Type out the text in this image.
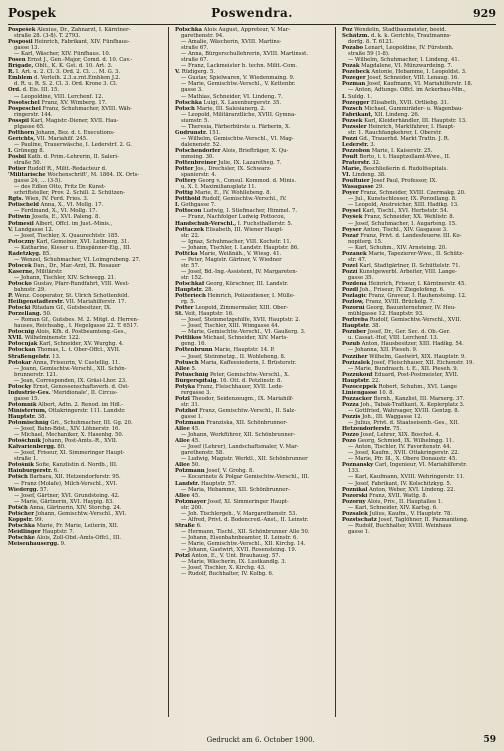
Pospek	Poswendra.	929
Pospešek Alexius, Dr., Zahnarzt, I. Kärntner-
straße 28. (3-8). T. 2793.
Posposil Heinrich, Fabrikant, XIV. Fünfhaus-
gasse 13.
— Karl, Wäscher, XIV. Fünfhaus. 10.
Posen Ernst J., Gen.-Major, Comd. d. 10. Cav.-
Brigade, Oblt., K. K. Gst. d. 10. Art. 3.
R. I. Art. u. 2. Cl. 3. Ord. 2. Cl. ... M. G. 3.
Emblem d. Verleih. 2.3.u.rnt.Emblem J.2.
d. R. u. R. S. 2. Cl. 3. Ord. Krone 3. Cl.
Ord. d. Eis. III. 15.
— Leopoldine, VIII. Lerchenf. 12.
Posotschel Franz, XV. Wimberg. 17.
Pospeschel Franz, Schuhmacher, XVIII. Wäh-
ringerstr. 144.
Posspil Karl, Magistr.-Diener, XVII. Hau-
ptgasse 65.
Potthorn Johann, Bez. d. t. Executions-
Gerichts, VII. Mariahilf. 245.
— Pauline, Trauerwäsche, I. Lederstrf. 2. G.
I. Grünegg 8.
Posbil Kath. d. Prim.-Lehrerin, II. Saleri-
straße 50.
Potier Rudolf R., Milit.-Redacteur d.
'Militärische Wochenschrift', M. 1864. IX. Orts-
gasse 24, ... (3-5).
— des Edlen Otto, Fritz Dr. Kunst-
schriftsteller, Prov. 2. Schill. 2. Schützen-
Rgts. Wien, IV. Ferd. Fries. 3.
Potischeld Anna, X., VI. Mollg. 17.
— Ferdinand, X., VI. Mollg. 17.
Potiwin Josefa, E., XVI. Paleng. 8.
Potmesil Albert, Offcl. im Just.-Minis.,
V. Landgasse 12.
— Josef, Tischler, X. Quaurechtstr. 185.
Potoczny Karl, Gemeiner, XVI. Leibnerg. 31.
— Katharine, Kieser u. Einspänner-Eig., III.
Radetzkyg. 85.
— Wenzel, Schuhmacher, VI. Loimgrubeng. 27.
Potocek Dan., Dr., Mar.-Arzt, IX. Rosauer
Kaserne, Militärstr.
— Johann, Tischler, XIV. Schwegg. 21.
Potocko Gustav, Pfarr-Rundfahrt, VIII. West-
bahnstr. 29.
P. Wenz. Cooperator, St. Ulrich Schottenfeld.
Heiligenstädterstr. VII. Mariahilferstr. 17.
Potocki Ritadam Gf., Gutsbesitzer, IX.
Porzellang. 50.
— Roman Gf., Gutsbes. M. 2. Mitgl. d. Herren-
hauses, Reichsabg., I. Hegelgasse 22. T. 6517.
Potocnig Alois, Kfh. d. Postbeamteng.-Ges.,
XVII. Wilhelminenstr. 122.
Potocnjak Karl, Schneider, XV. Wurghg. 4.
Potockan Thomas, L. t. Ober-Offcl., XVII.
Straßengelstr. 13.
Potokar Anna, Friseurin, V. Castellig. 11.
— Joann, Gemischtw.-Verschl., XII. Schön-
brunnerstr. 121.
— Jean, Corresponden, IX. Gräsi-Lhor. 23.
Potocky Ernst, Genossenschaftsverb. d. Ost-
Industrie-Ges. 'Meridionale', II. Circus-
gasse 15.
Potomník Albert, Adtn. 2. Renod. im Hdl.-
Ministerium, Ottakringerstr. 111. Landstr.
Hauptstr. 38.
Potomischnig Gri., Schuhmacher, III. Gg. 20.
— Josef, Bahn-Bdst., XIV. Löhnerstr. 16.
— Michael, Mechaniker, X. Hasenhg. 50.
Potošchnik Johann, Post-Amts.-R., XVII.
Kalvarienbergg. 80.
— Josef, Friseur, XI. Simmeringer Haupt-
straße 1.
Potošnik Sofie, Kanzlistin d. Nordb., III.
Hainburgerstr. 6.
Potšch Barbara, XII. Hetzendorferstr. 95.
— Franz (Molafe), Milch-Verschl., XVI.
Wiedergg. 57.
— Josef, Gärtner, XVI. Grundsteing. 42.
— Marie, Gärtnerin, XVI. Haypig. 83.
Potščh Anna, Gärtnerin, XIV. Storchg. 24.
Potšcher Johann, Gemischtw.-Verschl., XVI.
Koppstr. 99.
Potschka Marie, Fr. Marie, Leiterin, XII.
Meidlinger Hauptstr. 7.
Potschke Alois, Zoll-Obd.-Amts-Offcl., III.
Meisenhausergg. 9.
Potschka Alois August, Appreteur, V. Mar-
garethenstr. 94.
— Amalie, Wäscherin, XVIII. Martins-
straße 67.
— Anna, Bürgerschullehrerin, XVIII. Martinsst.
straße 67.
— Franz, Lackmeister b. techn. Milit.-Com.
V. Rüdigerg. 5.
— Gustav, Spielwaren, V. Wiedenmaing. 9.
— Marie, Gemischtw.-Verschl., V. Kettenbr.
gasse 3.
— Mathias, Schneider, VI. Lindeng. 7.
Potschka Luigi, X. Laxenburgerstr. 35.
Potsch Marie, III. Salesianerg. 2.
— Leopold, Militärarztliche, XVIII. Gymna-
siumstr. 5.
— Theresia, Färberbürste u. Färberin, X.
Gudrunstr. 151.
— Wilhelm, Gemischtw.-Verschl., VI. Mag-
dalenenstr. 52.
Potschendorfer Alois, Briefträger, X. Qu-
mmsing. 30.
Pottenbreiner Julie, IX. Lazaretheg. 7.
Potter Jos., Drechsler, IX. Schwarz-
spanierstr. 4.
Pottery Georg v., Consul. Kommod. d. Minis.
u. X. I. Maximiliansplatz 11.
Pottig Marie, E., IV. Wohllebeng. 8.
Potthöld Rudolf, Gemischtw.-Verschl., IV.
I. Gothgasse 7.
Pottocou Ludwig, I. Stiefmacher, Himmel. 7.
— Franz, Nachfolger Ludwig Pottocou,
Handschuh-Verschl., I. Fuchsthallerstr. 5.
Pottaczek Elisabeth, III. Wiener Haupt-
str. 22.
— Ignaz, Schuhmacher, VIII. Kochstr. 11.
— Johann, Tischler, I. Landstr. Hauptstr. 86.
Pottčka Marie, Weißnäh., V. Wiesg. 41.
— Peter, Magistr. Gärtner, V. Wiedner
str. 57.
— Josef, Bd.-Ing.-Assistent, IV. Margareten-
str. 152.
Potschkaf Georg, Kürschner, III. Landstr.
Hauptstr. 28.
Potteriech Heinrich, Polizeidiener, I. Mülle-
rg. 5.
Potter Leopold, Zimmermaler, XIII. Ober-
St. Veit, Hauptstr. 16.
— Josef, Steinmetzgehilfe, XVII. Hauptstr. 2.
— Josef, Tischler, XIII. Wimgasse 44.
— Marie, Gemischtw.-Verschl., VI. Gaußerg. 3.
Pottlikos Michael, Schneider, XIV. Marts-
geng. 16.
Pottenbrunn Marie, Hauptstr. 14. P.
— Josef, Steinmetzg., II. Wohlebeng. 8.
Potusch Maria, Kaffeesiederin, I. Brüsterstr.
Allee 5.
Potuschnig Peter, Gemischtw.-Verschl., X.
Bürgerspitalg. 16. Ott. d. Petzlinstr. 8.
Potyka Franz, Fleischhauer, XVII. Lede-
rergasse 3.
Potzl Theodor, Seidenzeugm., IX. Mariahilf-
str. 31.
Potzhof Franz, Gemischtw.-Verschl., II. Salz-
gasse 1.
Potzmann Franziska, XII. Schönbrunner-
Allee 45.
— Johann, Werkführer, XII. Schönbrunner-
Allee 45.
— Josef (Lehrer), Landschaftsmaler, V. Mar-
garethenstr. 58.
— Ludwig, Magistr. Werktl., XII. Schönbrunner
Allee 50.
Potzmann Josef, V. Grohg. 8.
— Kocarinete & Polgar Gemischtw.-Verschl., III.
Landstr. Hauptstr. 57.
— Maria, Hebamme, XII. Schönbrunner-
Allee 45.
Potzmayer Josef, XI. Simmeringer Haupt-
str. 200.
— Joh. Tischlergeh., V. Margarethenstr. 53.
— Alfred, Privt. d. Bodencred.-Anst., II. Leinstr.
Straße 6.
— Hermann, Tischl., XII. Schönbrunner Alle 50.
— Johann, Eisenbahnbeamter, II. Leinstr. 6.
— Marie, Gemischtw.-Verschl., XII. Kirchg. 14.
— Johann, Gastwirt, XVII. Rosensteing. 19.
Potzl Anton, E., V. Unt. Brauhausg. 57.
— Marie, Wäscherin, IX. Lustkandlg. 3.
— Josef, Tischler, X. Kirchg. 43.
— Rudolf, Buchhalter, IV. Kolbg. 6.
Poz Wendelin, Stadtbaumeister, beeid.
Schätzm. d. k. k. Gerichts, Trautmanns-
dorfg. 8. T. 6121.
Pozabo Lenart, Leopoldine, IV. Fürstenh.
straße 59 (1-8).
— Wilhelm, Schuhmacher, I. Lindeng. 41.
Pozak Magdalene, VI. Münzwardeing. 7.
Pozebeck Antonie, Hebamme, I. Leopoldst. 3.
Pozeger Josef, Schneider, VIII. Lenaug. 16.
Pozman Josef, Kaufmann, VI. Mariahilferstr. 18.
— Anton, Adtungs. Offcl. im Ackerbau-Min.,
I. Suldg. 1.
Pozegger Elisabeth, XVII. Ortliebg. 31.
Pozsch Michael, Gummiräder- u. Wagenbau-
Fabrikant, XII. Lindeng. 26.
Pozsek Karl, Kleiderhändler, III. Hauptstr. 13.
Pozssler Heinrich, Marktfahrer, I. Haupt-
str. 1. Rauchfangkehrer, I. Oberstr.
Pozzi Gd., Trauerhd. Markt Trattn. J. R.
Lederstr. 3.
Pozzobon Marie, I. Kaiserstr. 25.
Poult Berto, t. t. Hauptzollamt-Wwe., II.
Praterstr. 32.
Marie, Beschließerin d. Rudolfsspitals.
VI. Lindeng. 38.
Poultuier Josef Paul, Professor, IX.
Wasagasse 29.
Poyer Franz, Schneider, XVIII. Czermakg. 20.
— Jul., Kunstschlosser, IX. Porzellang. 8.
— Leopold, Anstreicher, XIII. Hadikg. 13.
Poysel Karl, Tischl., XVI. Herbststr. 54.
Poyšek Franz, Schneider, XX. Wehlistr. 8.
— Josef, Schuhmacher, I. Augarteng. 15.
Poyser Anton, Tischl., XIV. Gasgasse 3.
Pozař Franz, Privt. d. Landesfeuerw. III. Ko-
nopiterg. 15.
— Karl, Schuhm., XIV. Arnsteing. 20.
Pozanek Marie, Tapezierer-Wwe., II. Schütz-
str. 47.
Pozel Karl, Stadtgärtner, II. Schüttelstr. 71.
Pozzi Kunstgewerbl. Arbeiter, VIII. Lange-
gasse 35.
Pozdena Heinrich, Friseur, I. Kärntnerstr. 45.
Pozdl Joh., Friseur, IV. Ziegelofeng. 6.
Pozlagic Franz, Graveur, I. Rauhensteing. 12.
Pozlow, Franz, XVIII. Brückelg. 7.
Pozorni Georg, Bauunternehmer, IV. Heu-
mühlgasse 12. Hauptstr. 93.
Poztreba Rudolf, Gemischtw.-Verschl., XVII.
Hauptstr. 38.
Pozuber Josef, Dr., Ger. Sec. d. Ob.-Ger.
u. Cassat.-Hof, VIII. Lerchenf. 13.
Pozub Anton, Hausbesitzer, XIII. Hadikg. 54.
— Johanna, XII. Pieseh. 9.
Pozziher Wilhelm, Gastwirt, XIX. Hauptstr. 9.
Pozizalek Josef, Fleischhauer, XII. Eichenstr. 19.
— Marie, Bundrasch. t. E., XII. Pieseh. 9.
Pozzukonf Eduard, Post-Postmeister, XVII.
Hauptstr. 22.
Pozoceppek Robert, Schuhm., XVI. Lange
Liniengasse 10. 8.
Pozzacker Bernh., Kanzlist, III. Marxerg. 37.
Pozza Joh., Tabak-Trafikant, X. Keplerplatz 3.
— Gottfried, Wahrsager, XVIII. Gentzg. 8.
Pozzis Joh., III. Waggasse 12.
— Julius, Privt. d. Staatseisenb.-Ges., XII.
Hetzendorferstr. 75.
Pozzo Josef, Lehrer, XIX. Boschst. 4.
Pozo Georg, Schmied, IX. Wilhelmgg. 11.
— Anton, Tischler, IV. Favoritenstr. 44.
— Josef, Kaufm., XVII. Ottakringerstr. 22.
— Marie, Pfr. Ill., X. Obere Donaustr. 45.
Poznansky Carl, Ingenieur, VI. Mariahilferstr.
133.
— Karl, Kaufmann, XVIII. Wehringerstr. 11.
— Josef, Fabrikant, IV. Kolschitzkyg. 5.
Poznikal Anton, Weber, XVI. Lindeng. 22.
Pozorski Franz, XVII. Wattg. 8.
Pozorny Alois, Priv., II. Hauptallee 1.
— Karl, Schneider, XIV. Karlsg. 6.
Pozsalek Julius, Kaufm., V. Hauptstr. 78.
Pozstschatz Josef, Taglöhner, II. Pazmaniteng.
— Rudolf, Buchhalter, XVIII. Weinhaus
gasse 1.
Gedruckt am 6. October 1900.	59
